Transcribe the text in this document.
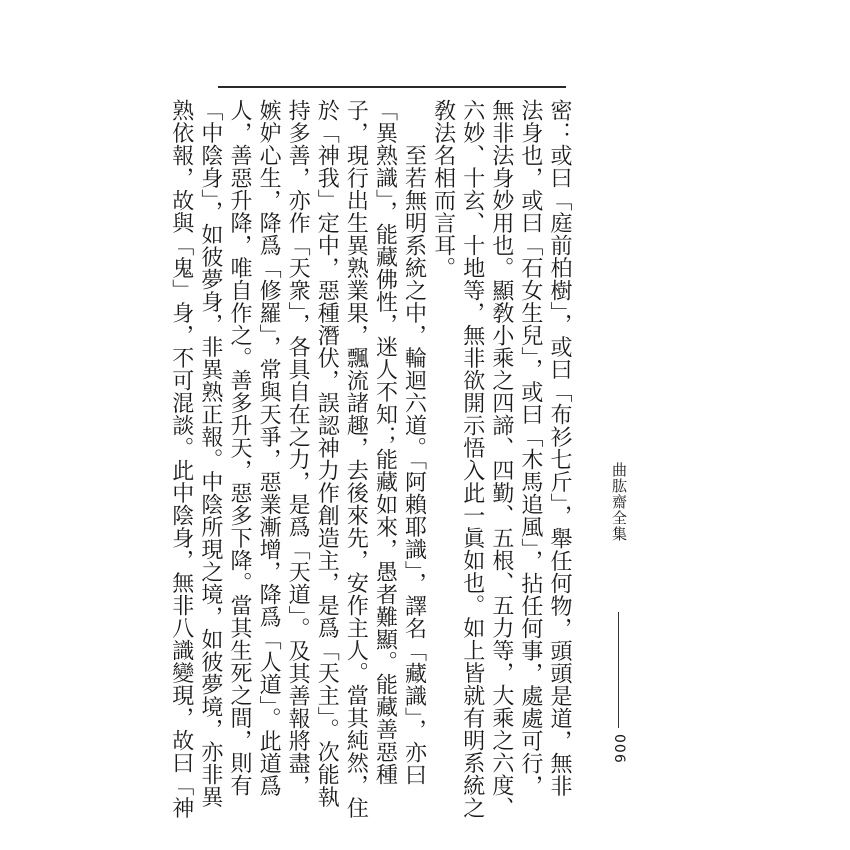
密：或曰「庭前柏樹」，或曰「布衫七斤」，舉任何物，頭頭是道，無非
法身也，或曰「石女生兒」，或曰「木馬追風」，拈任何事，處處可行，
無非法身妙用也。顯敎小乘之四諦、四勤、五根、五力等，大乘之六度、
六妙、十玄、十地等，無非欲開示悟入此一眞如也。如上皆就有明系統之
敎法名相而言耳。
　　至若無明系統之中，輪迴六道。「阿賴耶識」，譯名「藏識」，亦曰
「異熟識」，能藏佛性，迷人不知；能藏如來，愚者難顯。能藏善惡種
子，現行出生異熟業果，飄流諸趣，去後來先，安作主人。當其純然，住
於「神我」定中，惡種潛伏，誤認神力作創造主，是爲「天主」。次能執
持多善，亦作「天衆」，各具自在之力，是爲「天道」。及其善報將盡，
嫉妒心生，降爲「修羅」，常與天爭，惡業漸增，降爲「人道」。此道爲
人，善惡升降，唯自作之。善多升天，惡多下降。當其生死之間，則有
「中陰身」，如彼夢身，非異熟正報。中陰所現之境，如彼夢境，亦非異
熟依報，故與「鬼」身，不可混談。此中陰身，無非八識變現，故曰「神	曲肱齋全集
006
